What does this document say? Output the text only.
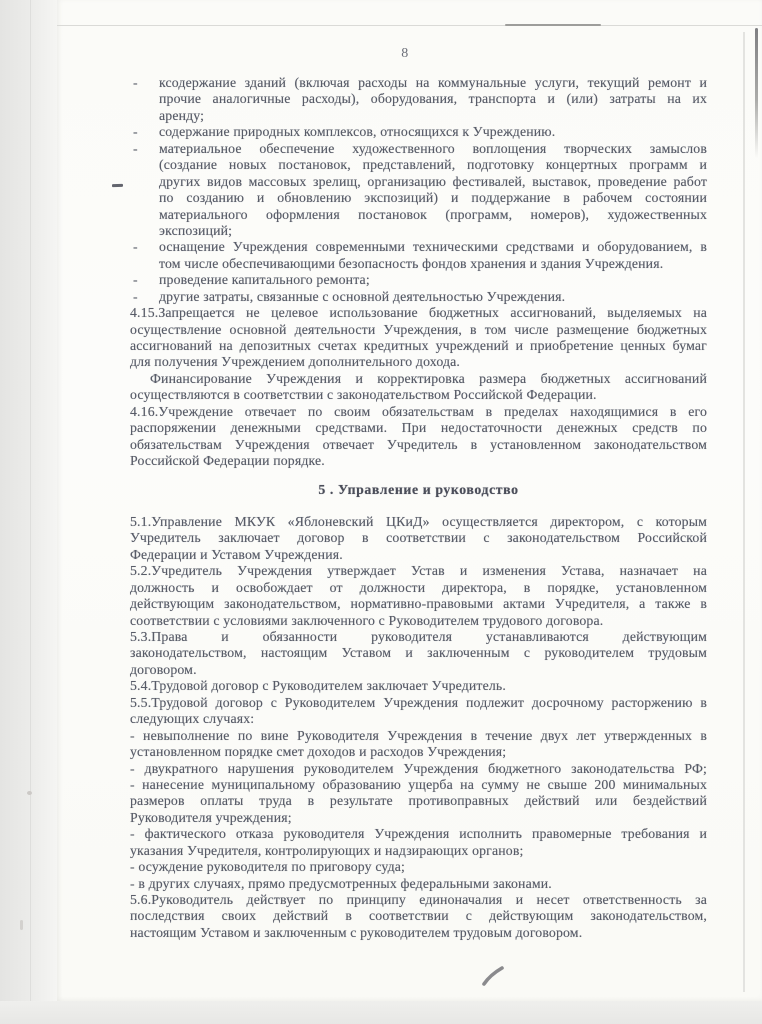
8
- ксодержание зданий (включая расходы на коммунальные услуги, текущий ремонт и
прочие аналогичные расходы), оборудования, транспорта и (или) затраты на их
аренду;
- содержание природных комплексов, относящихся к Учреждению.
- материальное обеспечение художественного воплощения творческих замыслов
(создание новых постановок, представлений, подготовку концертных программ и
других видов массовых зрелищ, организацию фестивалей, выставок, проведение работ
по созданию и обновлению экспозиций) и поддержание в рабочем состоянии
материального оформления постановок (программ, номеров), художественных
экспозиций;
- оснащение Учреждения современными техническими средствами и оборудованием, в
том числе обеспечивающими безопасность фондов хранения и здания Учреждения.
- проведение капитального ремонта;
- другие затраты, связанные с основной деятельностью Учреждения.
4.15.Запрещается не целевое использование бюджетных ассигнований, выделяемых на
осуществление основной деятельности Учреждения, в том числе размещение бюджетных
ассигнований на депозитных счетах кредитных учреждений и приобретение ценных бумаг
для получения Учреждением дополнительного дохода.
Финансирование Учреждения и корректировка размера бюджетных ассигнований
осуществляются в соответствии с законодательством Российской Федерации.
4.16.Учреждение отвечает по своим обязательствам в пределах находящимися в его
распоряжении денежными средствами. При недостаточности денежных средств по
обязательствам Учреждения отвечает Учредитель в установленном законодательством
Российской Федерации порядке.
5 . Управление и руководство
5.1.Управление МКУК «Яблоневский ЦКиД» осуществляется директором, с которым
Учредитель заключает договор в соответствии с законодательством Российской
Федерации и Уставом Учреждения.
5.2.Учредитель Учреждения утверждает Устав и изменения Устава, назначает на
должность и освобождает от должности директора, в порядке, установленном
действующим законодательством, нормативно-правовыми актами Учредителя, а также в
соответствии с условиями заключенного с Руководителем трудового договора.
5.3.Права и обязанности руководителя устанавливаются действующим
законодательством, настоящим Уставом и заключенным с руководителем трудовым
договором.
5.4.Трудовой договор с Руководителем заключает Учредитель.
5.5.Трудовой договор с Руководителем Учреждения подлежит досрочному расторжению в
следующих случаях:
- невыполнение по вине Руководителя Учреждения в течение двух лет утвержденных в
установленном порядке смет доходов и расходов Учреждения;
- двукратного нарушения руководителем Учреждения бюджетного законодательства РФ;
- нанесение муниципальному образованию ущерба на сумму не свыше 200 минимальных
размеров оплаты труда в результате противоправных действий или бездействий
Руководителя учреждения;
- фактического отказа руководителя Учреждения исполнить правомерные требования и
указания Учредителя, контролирующих и надзирающих органов;
- осуждение руководителя по приговору суда;
- в других случаях, прямо предусмотренных федеральными законами.
5.6.Руководитель действует по принципу единоначалия и несет ответственность за
последствия своих действий в соответствии с действующим законодательством,
настоящим Уставом и заключенным с руководителем трудовым договором.
